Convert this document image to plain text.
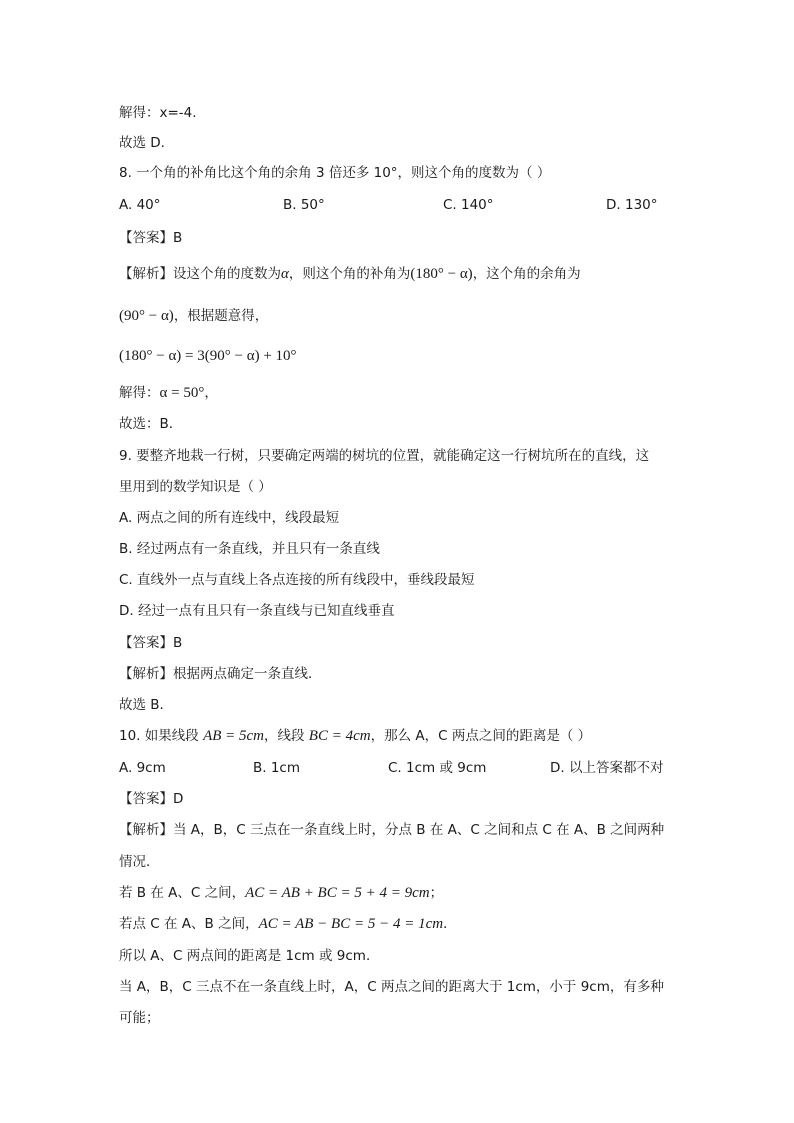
解得：x=-4.
故选 D.
8. 一个角的补角比这个角的余角 3 倍还多 10°，则这个角的度数为（ ）
A. 40°	B. 50°	C. 140°	D. 130°
【答案】B
【解析】设这个角的度数为α，则这个角的补角为(180° − α)，这个角的余角为
(90° − α)，根据题意得，
(180° − α) = 3(90° − α) + 10°
解得：α = 50°，
故选：B．
9. 要整齐地栽一行树，只要确定两端的树坑的位置，就能确定这一行树坑所在的直线，这
里用到的数学知识是（ ）
A. 两点之间的所有连线中，线段最短
B. 经过两点有一条直线，并且只有一条直线
C. 直线外一点与直线上各点连接的所有线段中，垂线段最短
D. 经过一点有且只有一条直线与已知直线垂直
【答案】B
【解析】根据两点确定一条直线．
故选 B．
10. 如果线段 AB = 5cm，线段 BC = 4cm，那么 A，C 两点之间的距离是（ ）
A. 9cm	B. 1cm	C. 1cm 或 9cm	D. 以上答案都不对
【答案】D
【解析】当 A，B，C 三点在一条直线上时，分点 B 在 A、C 之间和点 C 在 A、B 之间两种
情况．
若 B 在 A、C 之间，AC = AB + BC = 5 + 4 = 9cm；
若点 C 在 A、B 之间，AC = AB − BC = 5 − 4 = 1cm．
所以 A、C 两点间的距离是 1cm 或 9cm．
当 A，B，C 三点不在一条直线上时，A，C 两点之间的距离大于 1cm，小于 9cm，有多种
可能；
